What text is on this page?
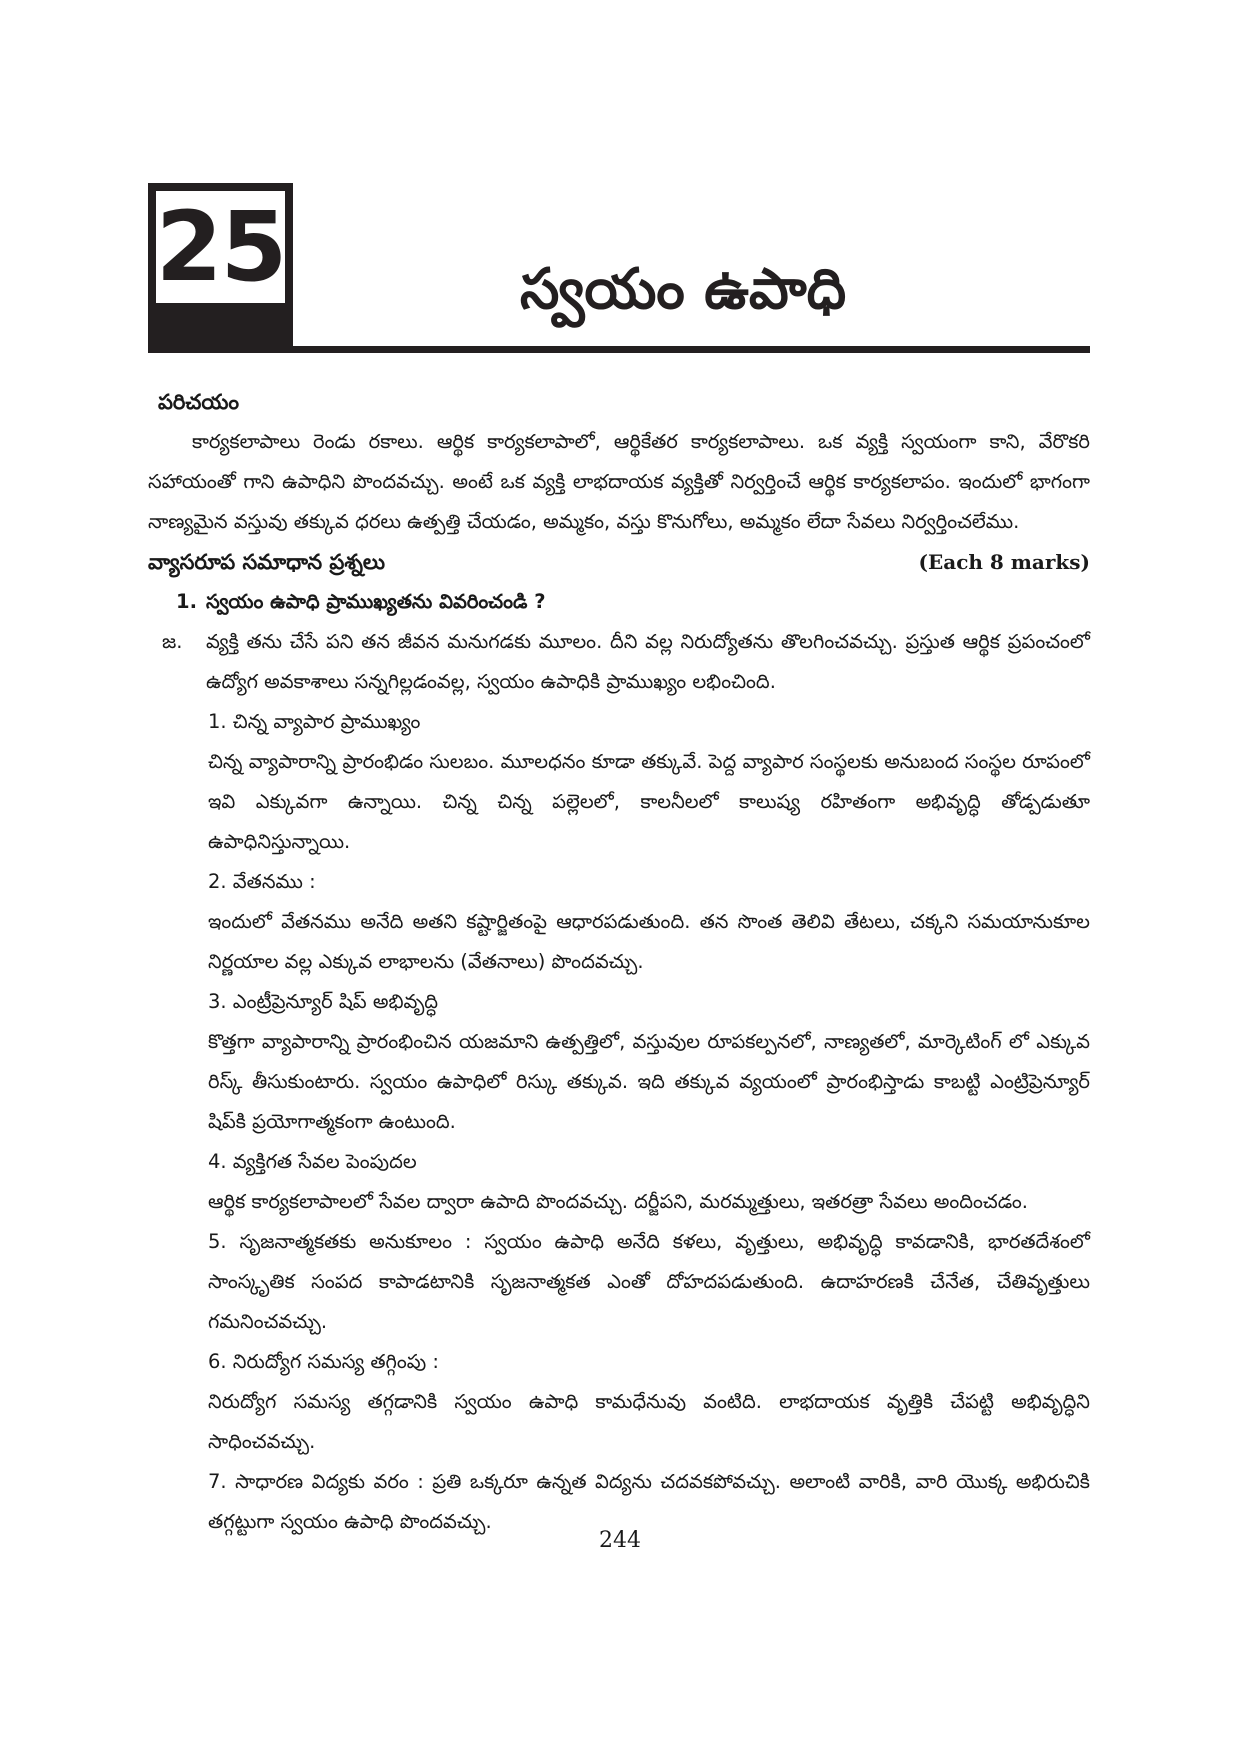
25	స్వయం ఉపాధి

పరిచయం

కార్యకలాపాలు రెండు రకాలు. ఆర్థిక కార్యకలాపాలో, ఆర్థికేతర కార్యకలాపాలు. ఒక వ్యక్తి స్వయంగా కాని, వేరొకరి సహాయంతో గాని ఉపాధిని పొందవచ్చు. అంటే ఒక వ్యక్తి లాభదాయక వ్యక్తితో నిర్వర్తించే ఆర్థిక కార్యకలాపం. ఇందులో భాగంగా నాణ్యమైన వస్తువు తక్కువ ధరలు ఉత్పత్తి చేయడం, అమ్మకం, వస్తు కొనుగోలు, అమ్మకం లేదా సేవలు నిర్వర్తించలేము.

వ్యాసరూప సమాధాన ప్రశ్నలు	(Each 8 marks)
1. స్వయం ఉపాధి ప్రాముఖ్యతను వివరించండి ?
జ.	వ్యక్తి తను చేసే పని తన జీవన మనుగడకు మూలం. దీని వల్ల నిరుద్యోతను తొలగించవచ్చు. ప్రస్తుత ఆర్థిక ప్రపంచంలో ఉద్యోగ అవకాశాలు సన్నగిల్లడంవల్ల, స్వయం ఉపాధికి ప్రాముఖ్యం లభించింది.

1. చిన్న వ్యాపార ప్రాముఖ్యం

చిన్న వ్యాపారాన్ని ప్రారంభిడం సులబం. మూలధనం కూడా తక్కువే. పెద్ద వ్యాపార సంస్థలకు అనుబంద సంస్థల రూపంలో ఇవి ఎక్కువగా ఉన్నాయి. చిన్న చిన్న పల్లెలలో, కాలనీలలో కాలుష్య రహితంగా అభివృద్ధి తోడ్పడుతూ ఉపాధినిస్తున్నాయి.

2. వేతనము :

ఇందులో వేతనము అనేది అతని కష్టార్జితంపై ఆధారపడుతుంది. తన సొంత తెలివి తేటలు, చక్కని సమయానుకూల నిర్ణయాల వల్ల ఎక్కువ లాభాలను (వేతనాలు) పొందవచ్చు.

3. ఎంట్రీప్రెన్యూర్ షిప్ అభివృద్ధి

కొత్తగా వ్యాపారాన్ని ప్రారంభించిన యజమాని ఉత్పత్తిలో, వస్తువుల రూపకల్పనలో, నాణ్యతలో, మార్కెటింగ్ లో ఎక్కువ రిస్క్ తీసుకుంటారు. స్వయం ఉపాధిలో రిస్కు తక్కువ. ఇది తక్కువ వ్యయంలో ప్రారంభిస్తాడు కాబట్టి ఎంట్రిప్రెన్యూర్ షిప్‌కి ప్రయోగాత్మకంగా ఉంటుంది.

4. వ్యక్తిగత సేవల పెంపుదల

ఆర్థిక కార్యకలాపాలలో సేవల ద్వారా ఉపాది పొందవచ్చు. దర్జీపని, మరమ్మత్తులు, ఇతరత్రా సేవలు అందించడం.

5. సృజనాత్మకతకు అనుకూలం : స్వయం ఉపాధి అనేది కళలు, వృత్తులు, అభివృద్ధి కావడానికి, భారతదేశంలో సాంస్కృతిక సంపద కాపాడటానికి సృజనాత్మకత ఎంతో దోహదపడుతుంది. ఉదాహరణకి చేనేత, చేతివృత్తులు గమనించవచ్చు.

6. నిరుద్యోగ సమస్య తగ్గింపు :

నిరుద్యోగ సమస్య తగ్గడానికి స్వయం ఉపాధి కామధేనువు వంటిది. లాభదాయక వృత్తికి చేపట్టి అభివృద్ధిని సాధించవచ్చు.

7. సాధారణ విద్యకు వరం : ప్రతి ఒక్కరూ ఉన్నత విద్యను చదవకపోవచ్చు. అలాంటి వారికి, వారి యొక్క అభిరుచికి తగ్గట్టుగా స్వయం ఉపాధి పొందవచ్చు.

244
